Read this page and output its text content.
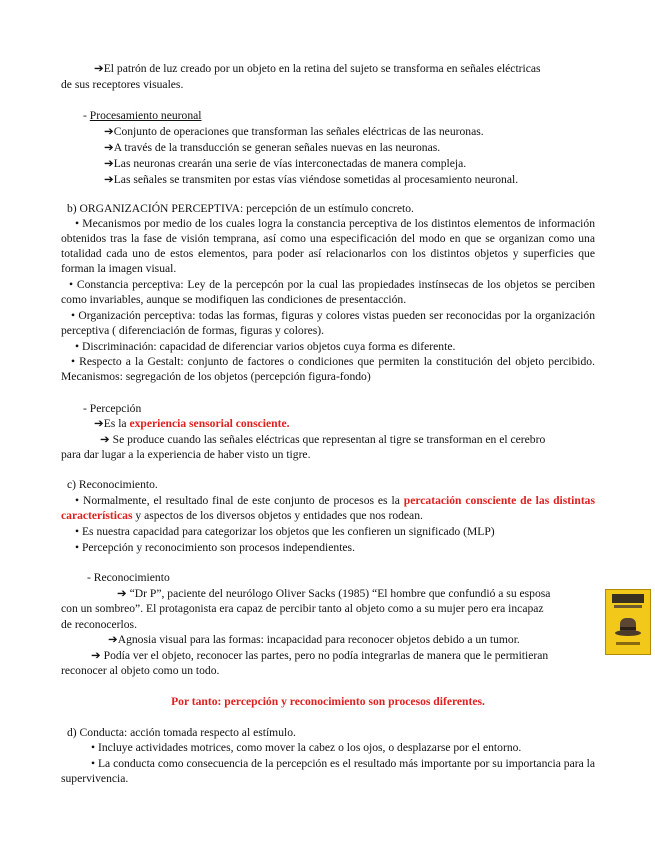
➔El patrón de luz creado por un objeto en la retina del sujeto se transforma en señales eléctricas
de sus receptores visuales.
- Procesamiento neuronal
➔Conjunto de operaciones que transforman las señales eléctricas de las neuronas.
➔A través de la transducción se generan señales nuevas en las neuronas.
➔Las neuronas crearán una serie de vías interconectadas de manera compleja.
➔Las señales se transmiten por estas vías viéndose sometidas al procesamiento neuronal.
b) ORGANIZACIÓN PERCEPTIVA: percepción de un estímulo concreto.
• Mecanismos por medio de los cuales logra la constancia perceptiva de los distintos elementos de información obtenidos tras la fase de visión temprana, así como una especificación del modo en que se organizan como una totalidad cada uno de estos elementos, para poder así relacionarlos con los distintos objetos y superficies que forman la imagen visual.
• Constancia perceptiva: Ley de la percepcón por la cual las propiedades instínsecas de los objetos se perciben como invariables, aunque se modifiquen las condiciones de presentacción.
• Organización perceptiva: todas las formas, figuras y colores vistas pueden ser reconocidas por la organización perceptiva ( diferenciación de formas, figuras y colores).
• Discriminación: capacidad de diferenciar varios objetos cuya forma es diferente.
• Respecto a la Gestalt: conjunto de factores o condiciones que permiten la constitución del objeto percibido. Mecanismos: segregación de los objetos (percepción figura-fondo)
- Percepción
➔Es la experiencia sensorial consciente.
➔ Se produce cuando las señales eléctricas que representan al tigre se transforman en el cerebro
para dar lugar a la experiencia de haber visto un tigre.
c) Reconocimiento.
• Normalmente, el resultado final de este conjunto de procesos es la percatación consciente de las distintas características y aspectos de los diversos objetos y entidades que nos rodean.
• Es nuestra capacidad para categorizar los objetos que les confieren un significado (MLP)
• Percepción y reconocimiento son procesos independientes.
- Reconocimiento
➔ “Dr P”, paciente del neurólogo Oliver Sacks (1985) “El hombre que confundió a su esposa
con un sombreo”. El protagonista era capaz de percibir tanto al objeto como a su mujer pero era incapaz
de reconocerlos.
➔Agnosia visual para las formas: incapacidad para reconocer objetos debido a un tumor.
➔ Podía ver el objeto, reconocer las partes, pero no podía integrarlas de manera que le permitieran
reconocer al objeto como un todo.
Por tanto: percepción y reconocimiento son procesos diferentes.
d) Conducta: acción tomada respecto al estímulo.
• Incluye actividades motrices, como mover la cabez o los ojos, o desplazarse por el entorno.
• La conducta como consecuencia de la percepción es el resultado más importante por su importancia para la supervivencia.
